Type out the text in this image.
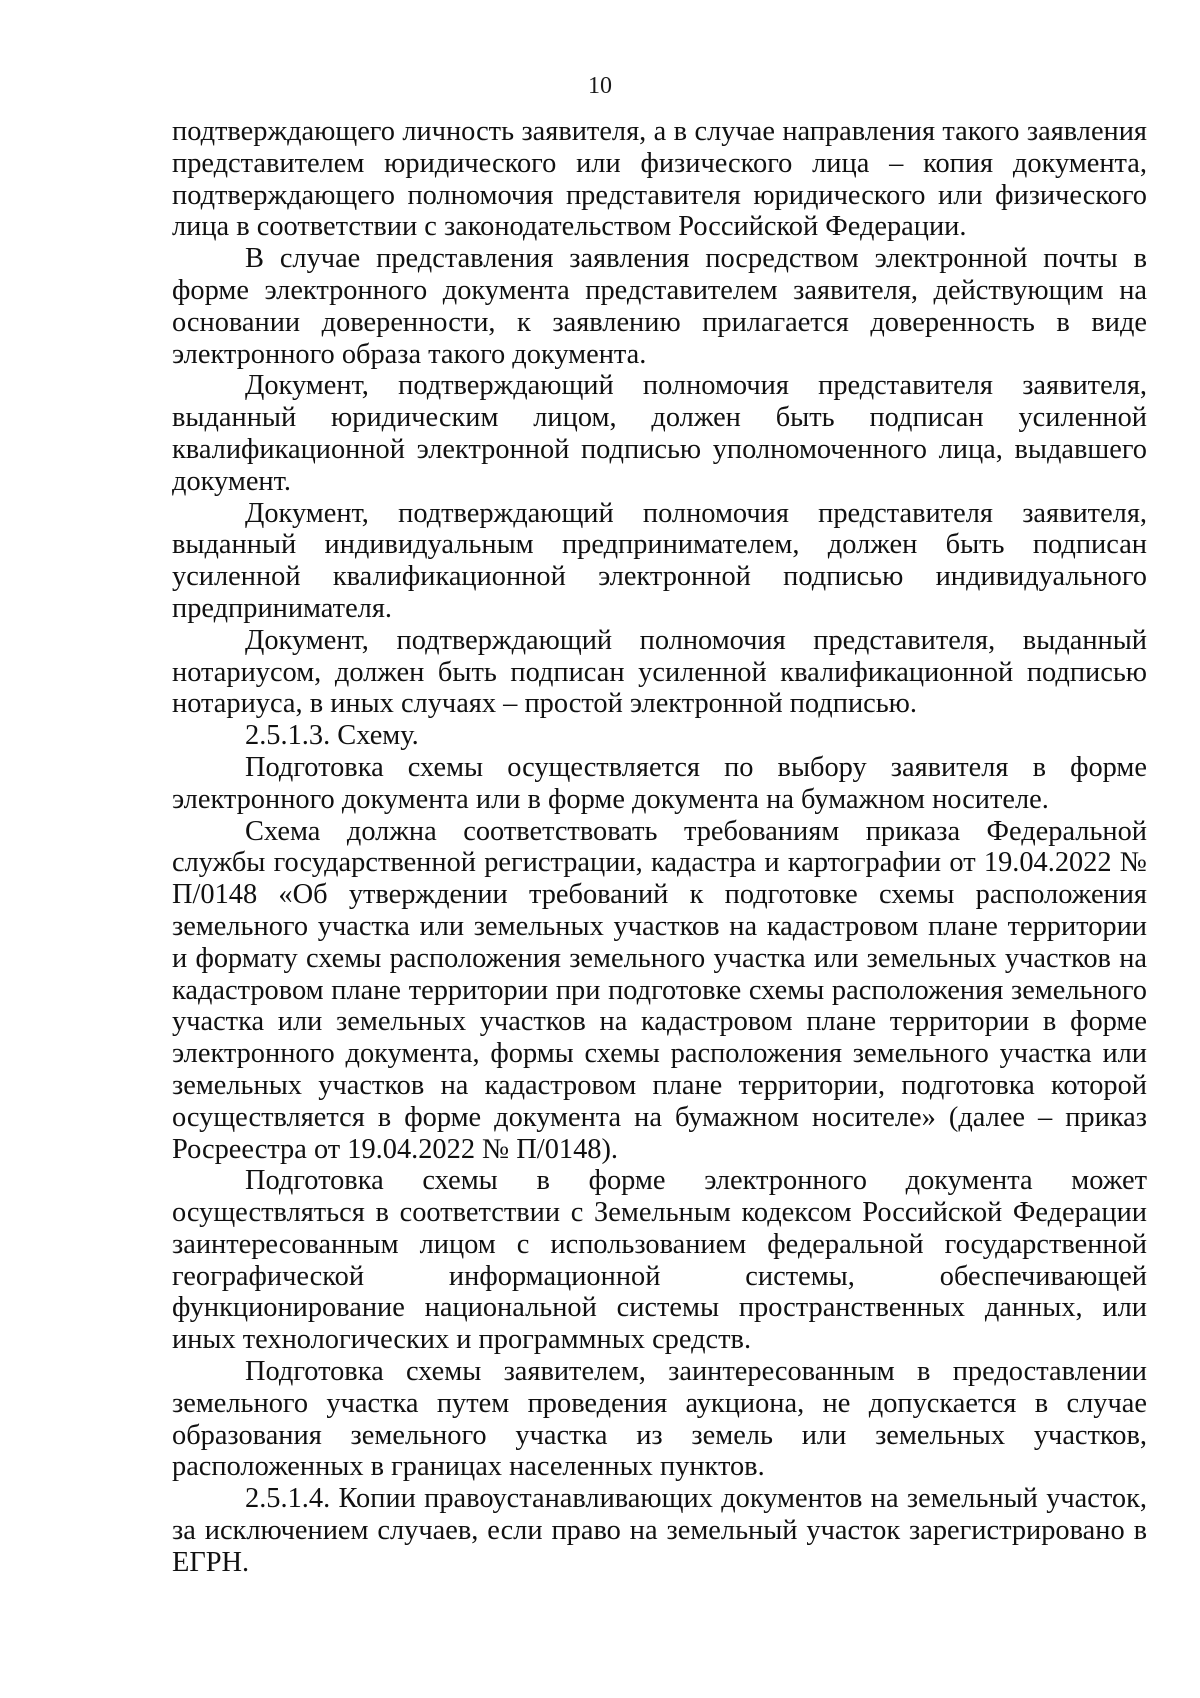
10

подтверждающего личность заявителя, а в случае направления такого заявления представителем юридического или физического лица – копия документа, подтверждающего полномочия представителя юридического или физического лица в соответствии с законодательством Российской Федерации.

В случае представления заявления посредством электронной почты в форме электронного документа представителем заявителя, действующим на основании доверенности, к заявлению прилагается доверенность в виде электронного образа такого документа.

Документ, подтверждающий полномочия представителя заявителя, выданный юридическим лицом, должен быть подписан усиленной квалификационной электронной подписью уполномоченного лица, выдавшего документ.

Документ, подтверждающий полномочия представителя заявителя, выданный индивидуальным предпринимателем, должен быть подписан усиленной квалификационной электронной подписью индивидуального предпринимателя.

Документ, подтверждающий полномочия представителя, выданный нотариусом, должен быть подписан усиленной квалификационной подписью нотариуса, в иных случаях – простой электронной подписью.

2.5.1.3. Схему.

Подготовка схемы осуществляется по выбору заявителя в форме электронного документа или в форме документа на бумажном носителе.

Схема должна соответствовать требованиям приказа Федеральной службы государственной регистрации, кадастра и картографии от 19.04.2022 № П/0148 «Об утверждении требований к подготовке схемы расположения земельного участка или земельных участков на кадастровом плане территории и формату схемы расположения земельного участка или земельных участков на кадастровом плане территории при подготовке схемы расположения земельного участка или земельных участков на кадастровом плане территории в форме электронного документа, формы схемы расположения земельного участка или земельных участков на кадастровом плане территории, подготовка которой осуществляется в форме документа на бумажном носителе» (далее – приказ Росреестра от 19.04.2022 № П/0148).

Подготовка схемы в форме электронного документа может осуществляться в соответствии с Земельным кодексом Российской Федерации заинтересованным лицом с использованием федеральной государственной географической информационной системы, обеспечивающей функционирование национальной системы пространственных данных, или иных технологических и программных средств.

Подготовка схемы заявителем, заинтересованным в предоставлении земельного участка путем проведения аукциона, не допускается в случае образования земельного участка из земель или земельных участков, расположенных в границах населенных пунктов.

2.5.1.4. Копии правоустанавливающих документов на земельный участок, за исключением случаев, если право на земельный участок зарегистрировано в ЕГРН.
